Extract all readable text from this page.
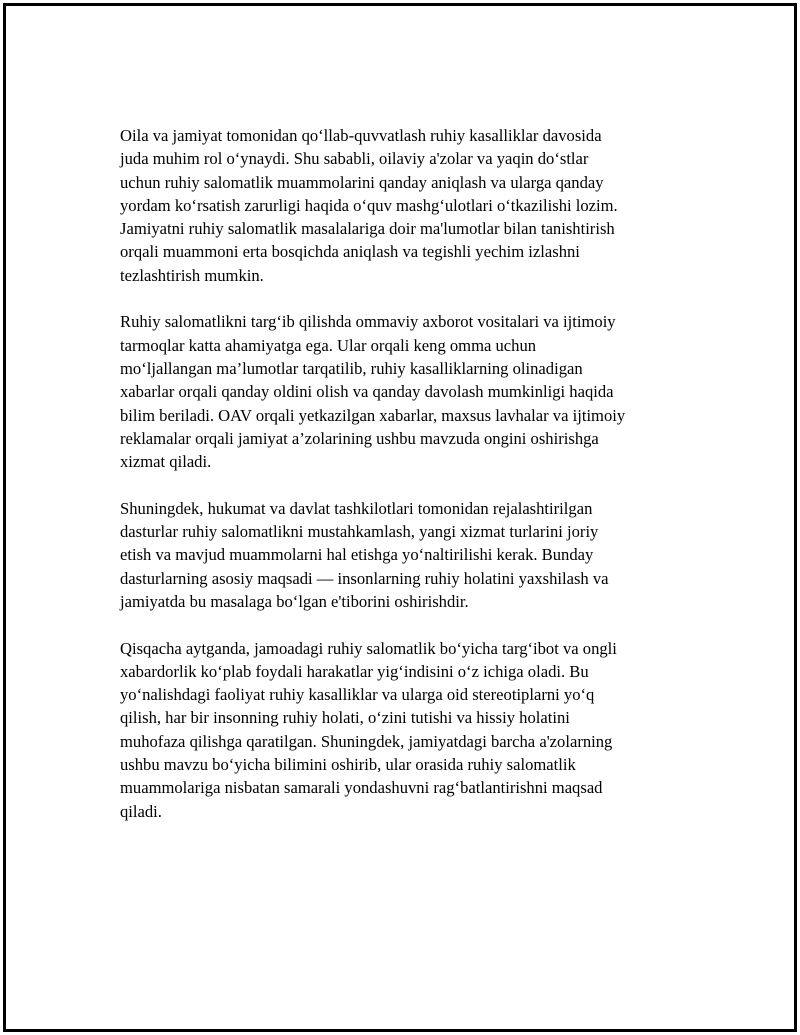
Oila va jamiyat tomonidan qo‘llab-quvvatlash ruhiy kasalliklar davosida
juda muhim rol o‘ynaydi. Shu sababli, oilaviy a'zolar va yaqin do‘stlar
uchun ruhiy salomatlik muammolarini qanday aniqlash va ularga qanday
yordam ko‘rsatish zarurligi haqida o‘quv mashg‘ulotlari o‘tkazilishi lozim.
Jamiyatni ruhiy salomatlik masalalariga doir ma'lumotlar bilan tanishtirish
orqali muammoni erta bosqichda aniqlash va tegishli yechim izlashni
tezlashtirish mumkin.

Ruhiy salomatlikni targ‘ib qilishda ommaviy axborot vositalari va ijtimoiy
tarmoqlar katta ahamiyatga ega. Ular orqali keng omma uchun
mo‘ljallangan ma’lumotlar tarqatilib, ruhiy kasalliklarning olinadigan
xabarlar orqali qanday oldini olish va qanday davolash mumkinligi haqida
bilim beriladi. OAV orqali yetkazilgan xabarlar, maxsus lavhalar va ijtimoiy
reklamalar orqali jamiyat a’zolarining ushbu mavzuda ongini oshirishga
xizmat qiladi.

Shuningdek, hukumat va davlat tashkilotlari tomonidan rejalashtirilgan
dasturlar ruhiy salomatlikni mustahkamlash, yangi xizmat turlarini joriy
etish va mavjud muammolarni hal etishga yo‘naltirilishi kerak. Bunday
dasturlarning asosiy maqsadi — insonlarning ruhiy holatini yaxshilash va
jamiyatda bu masalaga bo‘lgan e'tiborini oshirishdir.

Qisqacha aytganda, jamoadagi ruhiy salomatlik bo‘yicha targ‘ibot va ongli
xabardorlik ko‘plab foydali harakatlar yig‘indisini o‘z ichiga oladi. Bu
yo‘nalishdagi faoliyat ruhiy kasalliklar va ularga oid stereotiplarni yo‘q
qilish, har bir insonning ruhiy holati, o‘zini tutishi va hissiy holatini
muhofaza qilishga qaratilgan. Shuningdek, jamiyatdagi barcha a'zolarning
ushbu mavzu bo‘yicha bilimini oshirib, ular orasida ruhiy salomatlik
muammolariga nisbatan samarali yondashuvni rag‘batlantirishni maqsad
qiladi.
